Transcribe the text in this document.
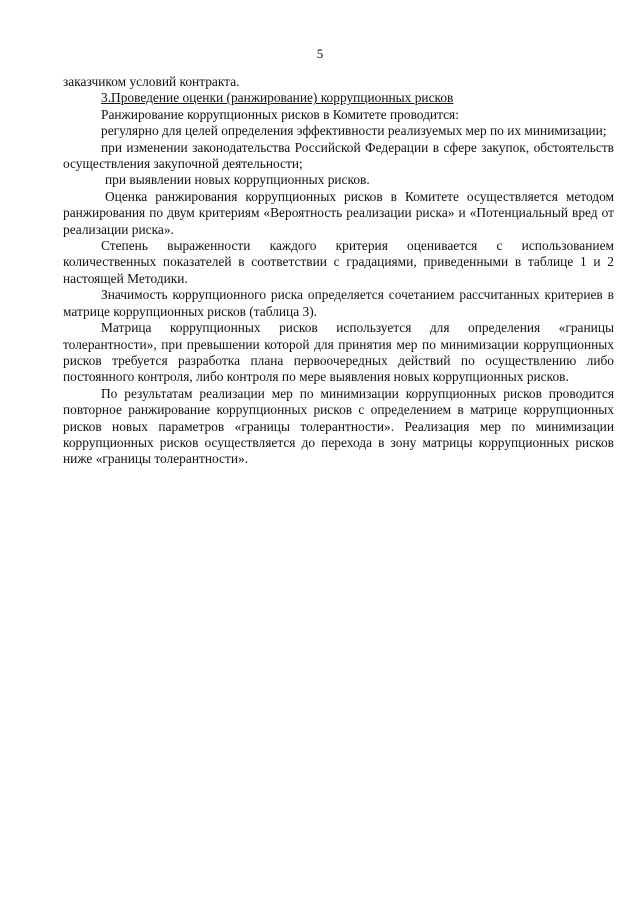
5

заказчиком условий контракта.

3.Проведение оценки (ранжирование) коррупционных рисков

Ранжирование коррупционных рисков в Комитете проводится:

регулярно для целей определения эффективности реализуемых мер по их минимизации;

при изменении законодательства Российской Федерации в сфере закупок, обстоятельств осуществления закупочной деятельности;

при выявлении новых коррупционных рисков.

Оценка ранжирования коррупционных рисков в Комитете осуществляется методом ранжирования по двум критериям «Вероятность реализации риска» и «Потенциальный вред от реализации риска».

Степень выраженности каждого критерия оценивается с использованием количественных показателей в соответствии с градациями, приведенными в таблице 1 и 2 настоящей Методики.

Значимость коррупционного риска определяется сочетанием рассчитанных критериев в матрице коррупционных рисков (таблица 3).

Матрица коррупционных рисков используется для определения «границы толерантности», при превышении которой для принятия мер по минимизации коррупционных рисков требуется разработка плана первоочередных действий по осуществлению либо постоянного контроля, либо контроля по мере выявления новых коррупционных рисков.

По результатам реализации мер по минимизации коррупционных рисков проводится повторное ранжирование коррупционных рисков с определением в матрице коррупционных рисков новых параметров «границы толерантности». Реализация мер по минимизации коррупционных рисков осуществляется до перехода в зону матрицы коррупционных рисков ниже «границы толерантности».
